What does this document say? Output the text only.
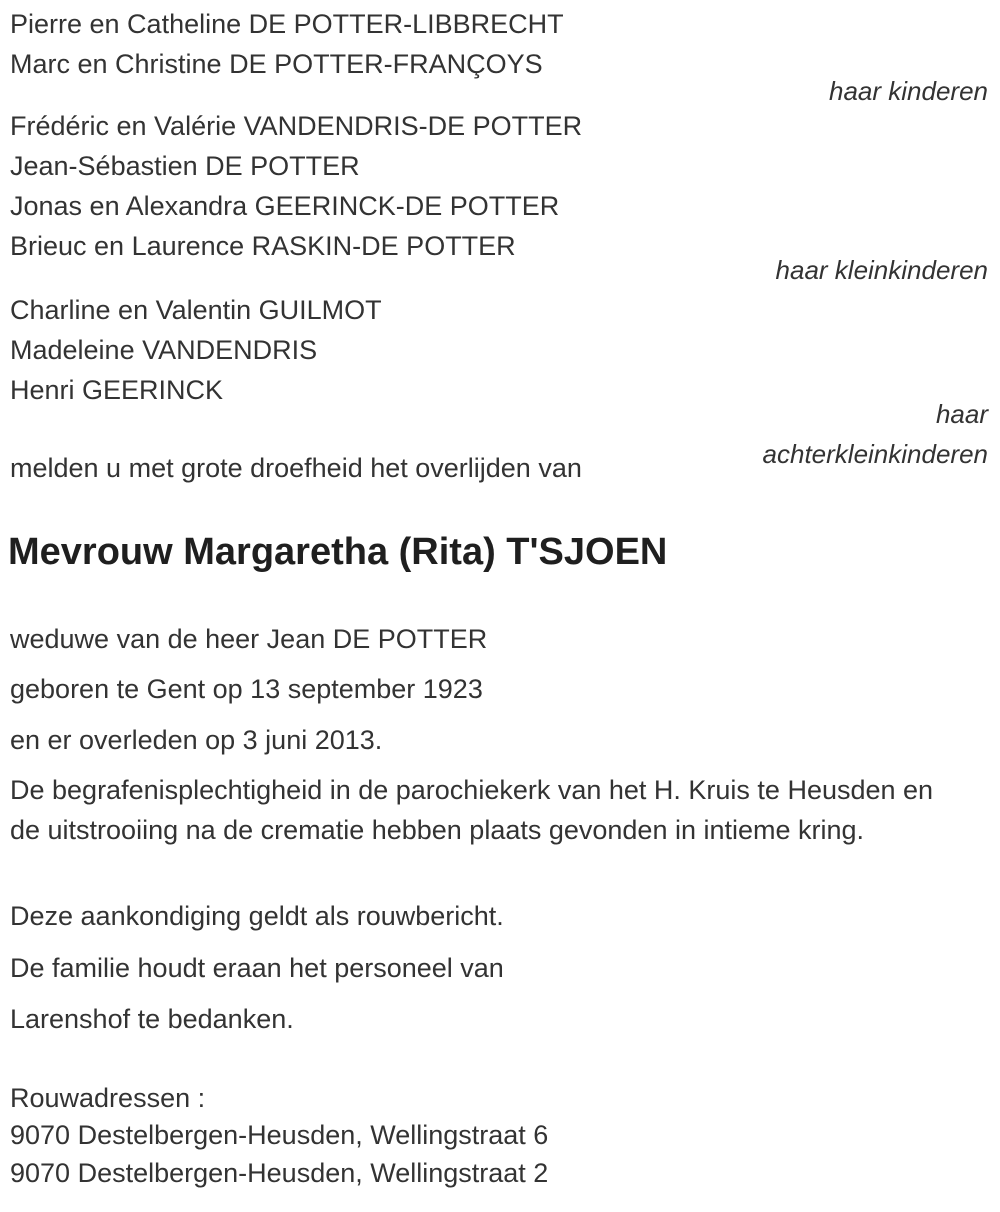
Pierre en Catheline DE POTTER-LIBBRECHT
Marc en Christine DE POTTER-FRANÇOYS
haar kinderen
Frédéric en Valérie VANDENDRIS-DE POTTER
Jean-Sébastien DE POTTER
Jonas en Alexandra GEERINCK-DE POTTER
Brieuc en Laurence RASKIN-DE POTTER
haar kleinkinderen
Charline en Valentin GUILMOT
Madeleine VANDENDRIS
Henri GEERINCK
haar achterkleinkinderen
melden u met grote droefheid het overlijden van
Mevrouw Margaretha (Rita) T'SJOEN
weduwe van de heer Jean DE POTTER
geboren te Gent op 13 september 1923
en er overleden op 3 juni 2013.
De begrafenisplechtigheid in de parochiekerk van het H. Kruis te Heusden en de uitstrooiing na de crematie hebben plaats gevonden in intieme kring.
Deze aankondiging geldt als rouwbericht.
De familie houdt eraan het personeel van
Larenshof te bedanken.
Rouwadressen :
9070 Destelbergen-Heusden, Wellingstraat 6
9070 Destelbergen-Heusden, Wellingstraat 2
